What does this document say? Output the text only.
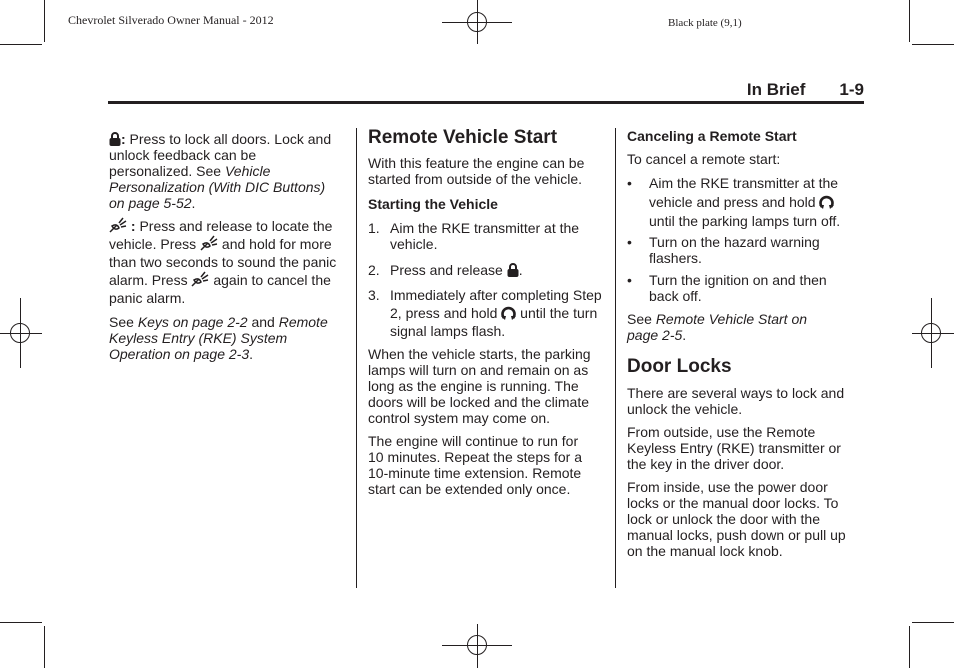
Chevrolet Silverado Owner Manual - 2012	Black plate (9,1)
In Brief 1-9
: Press to lock all doors. Lock and unlock feedback can be personalized. See Vehicle Personalization (With DIC Buttons) on page 5-52.
: Press and release to locate the vehicle. Press  and hold for more than two seconds to sound the panic alarm. Press  again to cancel the panic alarm.
See Keys on page 2-2 and Remote Keyless Entry (RKE) System Operation on page 2-3.
Remote Vehicle Start
With this feature the engine can be started from outside of the vehicle.
Starting the Vehicle
1. Aim the RKE transmitter at the vehicle.
2. Press and release .
3. Immediately after completing Step 2, press and hold  until the turn signal lamps flash.
When the vehicle starts, the parking lamps will turn on and remain on as long as the engine is running. The doors will be locked and the climate control system may come on.
The engine will continue to run for 10 minutes. Repeat the steps for a 10-minute time extension. Remote start can be extended only once.
Canceling a Remote Start
To cancel a remote start:
• Aim the RKE transmitter at the vehicle and press and hold  until the parking lamps turn off.
• Turn on the hazard warning flashers.
• Turn the ignition on and then back off.
See Remote Vehicle Start on page 2-5.
Door Locks
There are several ways to lock and unlock the vehicle.
From outside, use the Remote Keyless Entry (RKE) transmitter or the key in the driver door.
From inside, use the power door locks or the manual door locks. To lock or unlock the door with the manual locks, push down or pull up on the manual lock knob.
